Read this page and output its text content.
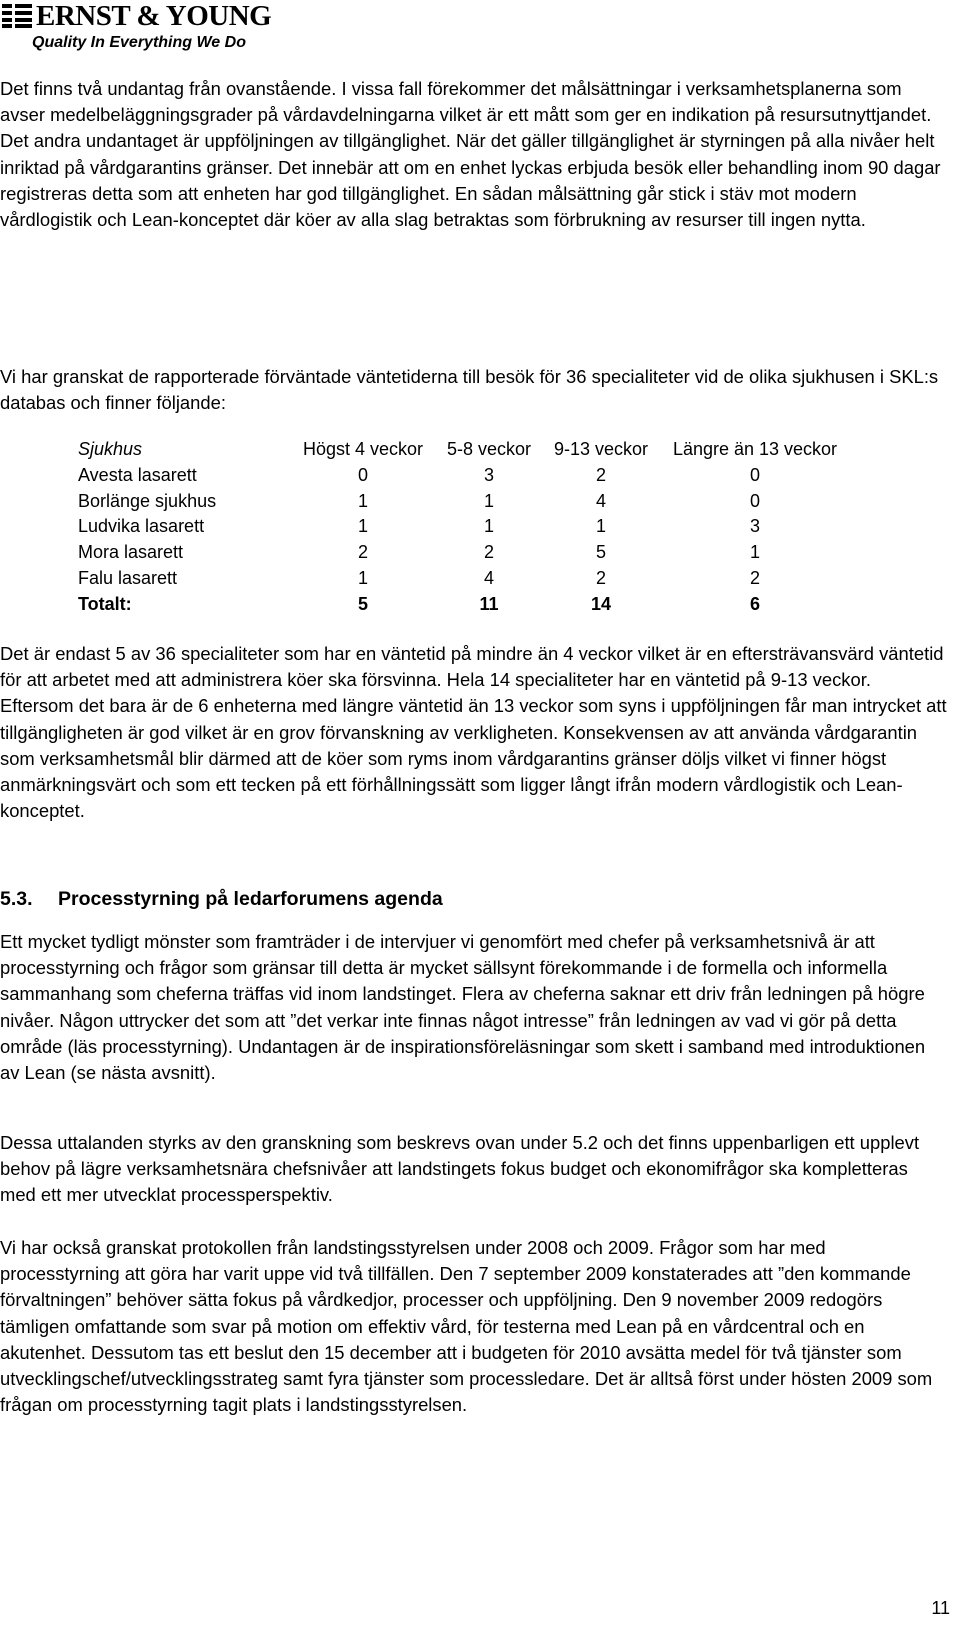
ERNST & YOUNG
Quality In Everything We Do

Det finns två undantag från ovanstående. I vissa fall förekommer det målsättningar i verksamhetsplanerna som avser medelbeläggningsgrader på vårdavdelningarna vilket är ett mått som ger en indikation på resursutnyttjandet. Det andra undantaget är uppföljningen av tillgänglighet. När det gäller tillgänglighet är styrningen på alla nivåer helt inriktad på vårdgarantins gränser. Det innebär att om en enhet lyckas erbjuda besök eller behandling inom 90 dagar registreras detta som att enheten har god tillgänglighet. En sådan målsättning går stick i stäv mot modern vårdlogistik och Lean-konceptet där köer av alla slag betraktas som förbrukning av resurser till ingen nytta.

Vi har granskat de rapporterade förväntade väntetiderna till besök för 36 specialiteter vid de olika sjukhusen i SKL:s databas och finner följande:

Sjukhus	Högst 4 veckor	5-8 veckor	9-13 veckor	Längre än 13 veckor
Avesta lasarett	0	3	2	0
Borlänge sjukhus	1	1	4	0
Ludvika lasarett	1	1	1	3
Mora lasarett	2	2	5	1
Falu lasarett	1	4	2	2
Totalt:	5	11	14	6

Det är endast 5 av 36 specialiteter som har en väntetid på mindre än 4 veckor vilket är en eftersträvansvärd väntetid för att arbetet med att administrera köer ska försvinna. Hela 14 specialiteter har en väntetid på 9-13 veckor. Eftersom det bara är de 6 enheterna med längre väntetid än 13 veckor som syns i uppföljningen får man intrycket att tillgängligheten är god vilket är en grov förvanskning av verkligheten. Konsekvensen av att använda vårdgarantin som verksamhetsmål blir därmed att de köer som ryms inom vårdgarantins gränser döljs vilket vi finner högst anmärkningsvärt och som ett tecken på ett förhållningssätt som ligger långt ifrån modern vårdlogistik och Lean-konceptet.

5.3. Processtyrning på ledarforumens agenda

Ett mycket tydligt mönster som framträder i de intervjuer vi genomfört med chefer på verksamhetsnivå är att processtyrning och frågor som gränsar till detta är mycket sällsynt förekommande i de formella och informella sammanhang som cheferna träffas vid inom landstinget. Flera av cheferna saknar ett driv från ledningen på högre nivåer. Någon uttrycker det som att ”det verkar inte finnas något intresse” från ledningen av vad vi gör på detta område (läs processtyrning). Undantagen är de inspirationsföreläsningar som skett i samband med introduktionen av Lean (se nästa avsnitt).

Dessa uttalanden styrks av den granskning som beskrevs ovan under 5.2 och det finns uppenbarligen ett upplevt behov på lägre verksamhetsnära chefsnivåer att landstingets fokus budget och ekonomifrågor ska kompletteras med ett mer utvecklat processperspektiv.

Vi har också granskat protokollen från landstingsstyrelsen under 2008 och 2009. Frågor som har med processtyrning att göra har varit uppe vid två tillfällen. Den 7 september 2009 konstaterades att ”den kommande förvaltningen” behöver sätta fokus på vårdkedjor, processer och uppföljning. Den 9 november 2009 redogörs tämligen omfattande som svar på motion om effektiv vård, för testerna med Lean på en vårdcentral och en akutenhet. Dessutom tas ett beslut den 15 december att i budgeten för 2010 avsätta medel för två tjänster som utvecklingschef/utvecklingsstrateg samt fyra tjänster som processledare. Det är alltså först under hösten 2009 som frågan om processtyrning tagit plats i landstingsstyrelsen.

11
